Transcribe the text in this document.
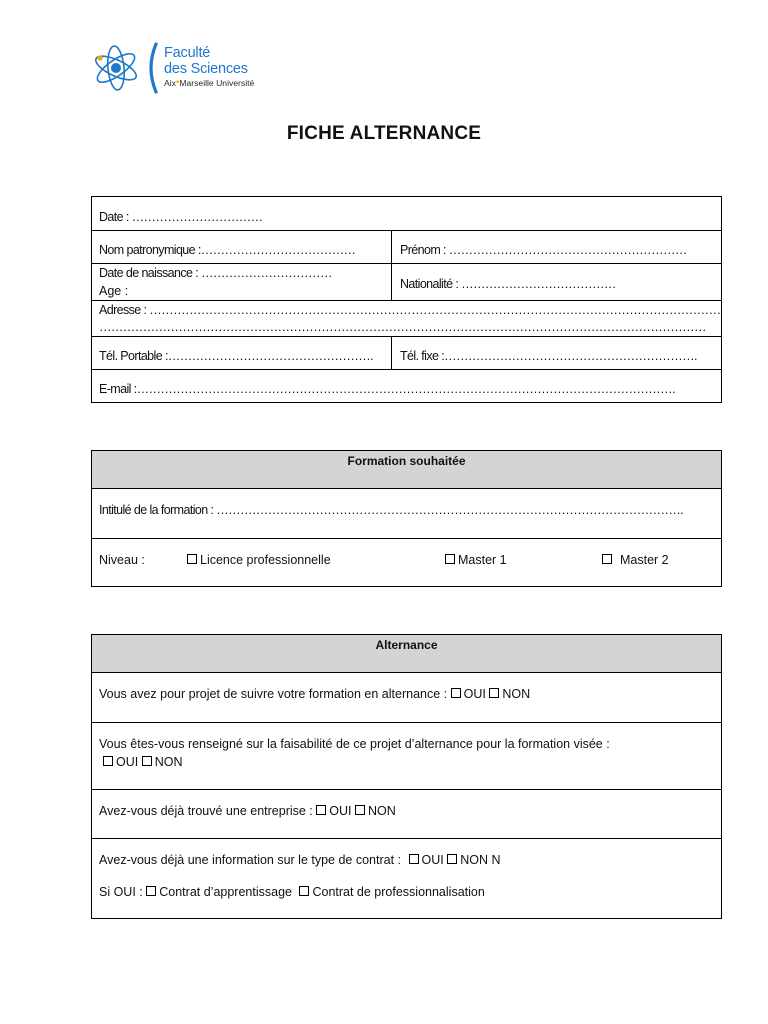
Faculté
des Sciences
Aix*Marseille Université
FICHE ALTERNANCE
Date : ……………………………
Nom patronymique :…………………………………	Prénom : ……………………………………………………
Date de naissance : ……………………………
Age :	Nationalité : …………………………………
Adresse : ………………………………………………………………………………………………………………………………
………………………………………………………………………………………………………………………………………
Tél. Portable :……………………………………………. Tél. fixe :……………………………………………………….
E-mail :……………………………………………………………………………………………………………………….
Formation souhaitée
Intitulé de la formation : ……………………………………………………………………………………………………….
Niveau :	Licence professionnelle	Master 1	Master 2
Alternance
Vous avez pour projet de suivre votre formation en alternance : OUI NON
Vous êtes-vous renseigné sur la faisabilité de ce projet d’alternance pour la formation visée :
OUI NON
Avez-vous déjà trouvé une entreprise : OUI NON
Avez-vous déjà une information sur le type de contrat : OUI NON N
Si OUI : Contrat d’apprentissage Contrat de professionnalisation
